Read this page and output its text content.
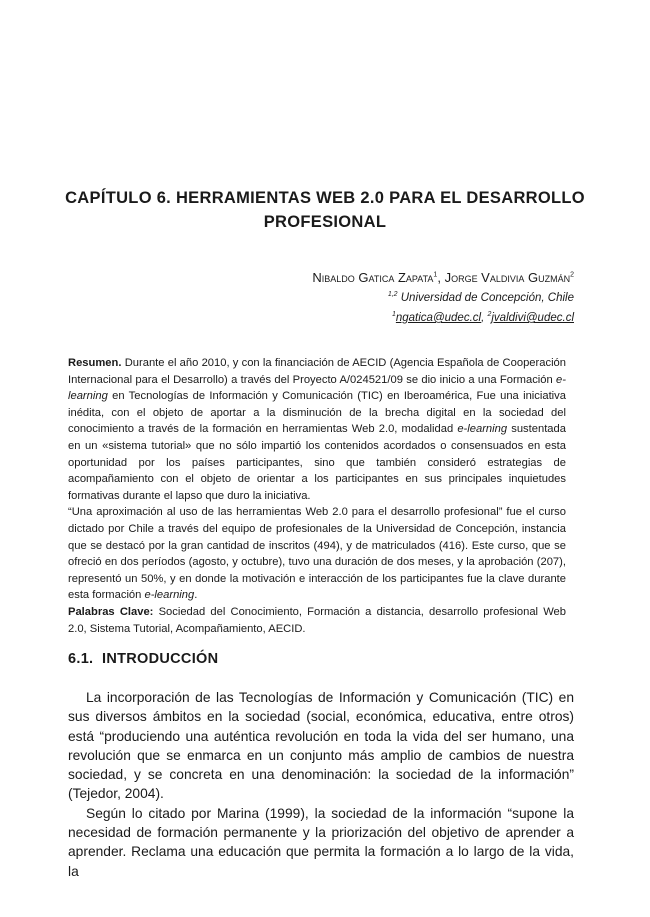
CAPÍTULO 6. HERRAMIENTAS WEB 2.0 PARA EL DESARROLLO
PROFESIONAL
Nibaldo Gatica Zapata$^1$, Jorge Valdivia Guzmán$^2$
$^{1,2}$ Universidad de Concepción, Chile
$^1$ngatica@udec.cl, $^2$jvaldivi@udec.cl

Resumen. Durante el año 2010, y con la financiación de AECID (Agencia Española de Cooperación Internacional para el Desarrollo) a través del Proyecto A/024521/09 se dio inicio a una Formación e-learning en Tecnologías de Información y Comunicación (TIC) en Iberoamérica, Fue una iniciativa inédita, con el objeto de aportar a la disminución de la brecha digital en la sociedad del conocimiento a través de la formación en herramientas Web 2.0, modalidad e-learning sustentada en un «sistema tutorial» que no sólo impartió los contenidos acordados o consensuados en esta oportunidad por los países participantes, sino que también consideró estrategias de acompañamiento con el objeto de orientar a los participantes en sus principales inquietudes formativas durante el lapso que duro la iniciativa.

“Una aproximación al uso de las herramientas Web 2.0 para el desarrollo profesional” fue el curso dictado por Chile a través del equipo de profesionales de la Universidad de Concepción, instancia que se destacó por la gran cantidad de inscritos (494), y de matriculados (416). Este curso, que se ofreció en dos períodos (agosto, y octubre), tuvo una duración de dos meses, y la aprobación (207), representó un 50%, y en donde la motivación e interacción de los participantes fue la clave durante esta formación e-learning.

Palabras Clave: Sociedad del Conocimiento, Formación a distancia, desarrollo profesional Web 2.0, Sistema Tutorial, Acompañamiento, AECID.

6.1. INTRODUCCIÓN

La incorporación de las Tecnologías de Información y Comunicación (TIC) en sus diversos ámbitos en la sociedad (social, económica, educativa, entre otros) está “produciendo una auténtica revolución en toda la vida del ser humano, una revolución que se enmarca en un conjunto más amplio de cambios de nuestra sociedad, y se concreta en una denominación: la sociedad de la información” (Tejedor, 2004).

Según lo citado por Marina (1999), la sociedad de la información “supone la necesidad de formación permanente y la priorización del objetivo de aprender a aprender. Reclama una educación que permita la formación a lo largo de la vida, la
